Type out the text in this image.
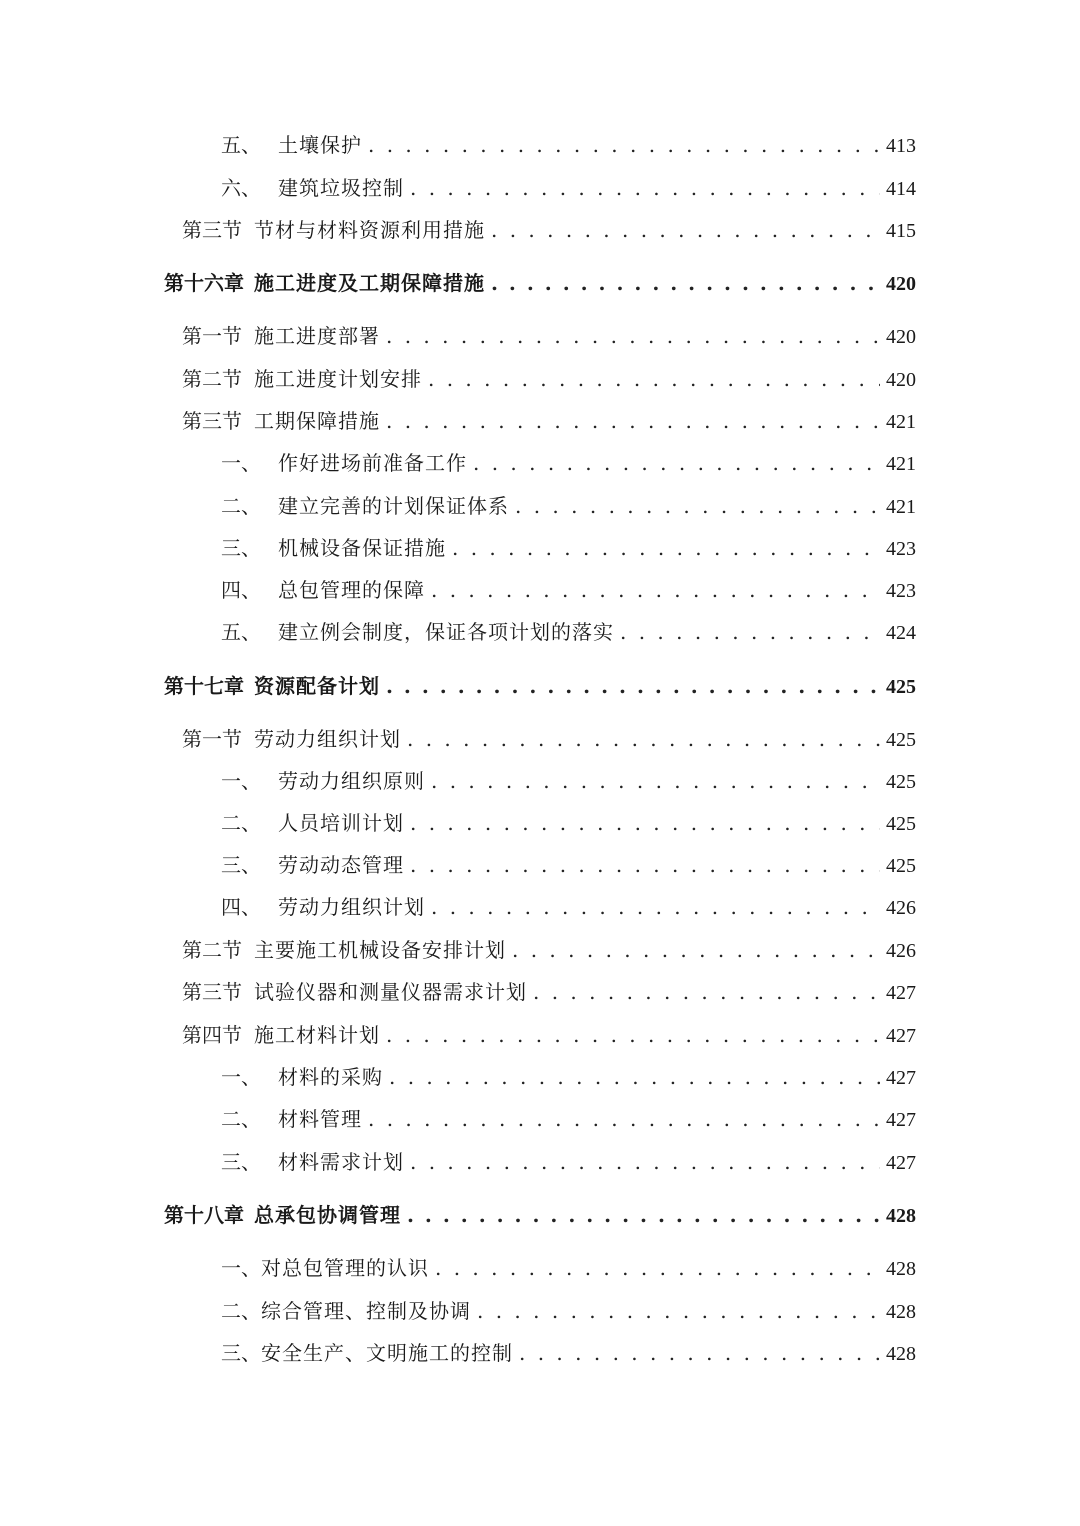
五、 土壤保护 . . .	413
六、 建筑垃圾控制 . . .	414
第三节 节材与材料资源利用措施 . . .	415
第十六章 施工进度及工期保障措施 . . .	420
第一节 施工进度部署 . . .	420
第二节 施工进度计划安排 . . .	420
第三节 工期保障措施 . . .	421
一、 作好进场前准备工作 . . .	421
二、 建立完善的计划保证体系 . . .	421
三、 机械设备保证措施 . . .	423
四、 总包管理的保障 . . .	423
五、 建立例会制度，保证各项计划的落实 . . .	424
第十七章 资源配备计划 . . .	425
第一节 劳动力组织计划 . . .	425
一、 劳动力组织原则 . . .	425
二、 人员培训计划 . . .	425
三、 劳动动态管理 . . .	425
四、 劳动力组织计划 . . .	426
第二节 主要施工机械设备安排计划 . . .	426
第三节 试验仪器和测量仪器需求计划 . . .	427
第四节 施工材料计划 . . .	427
一、 材料的采购 . . .	427
二、 材料管理 . . .	427
三、 材料需求计划 . . .	427
第十八章 总承包协调管理 . . .	428
一、 对总包管理的认识 . . .	428
二、 综合管理、控制及协调 . . .	428
三、 安全生产、文明施工的控制 . . .	428
